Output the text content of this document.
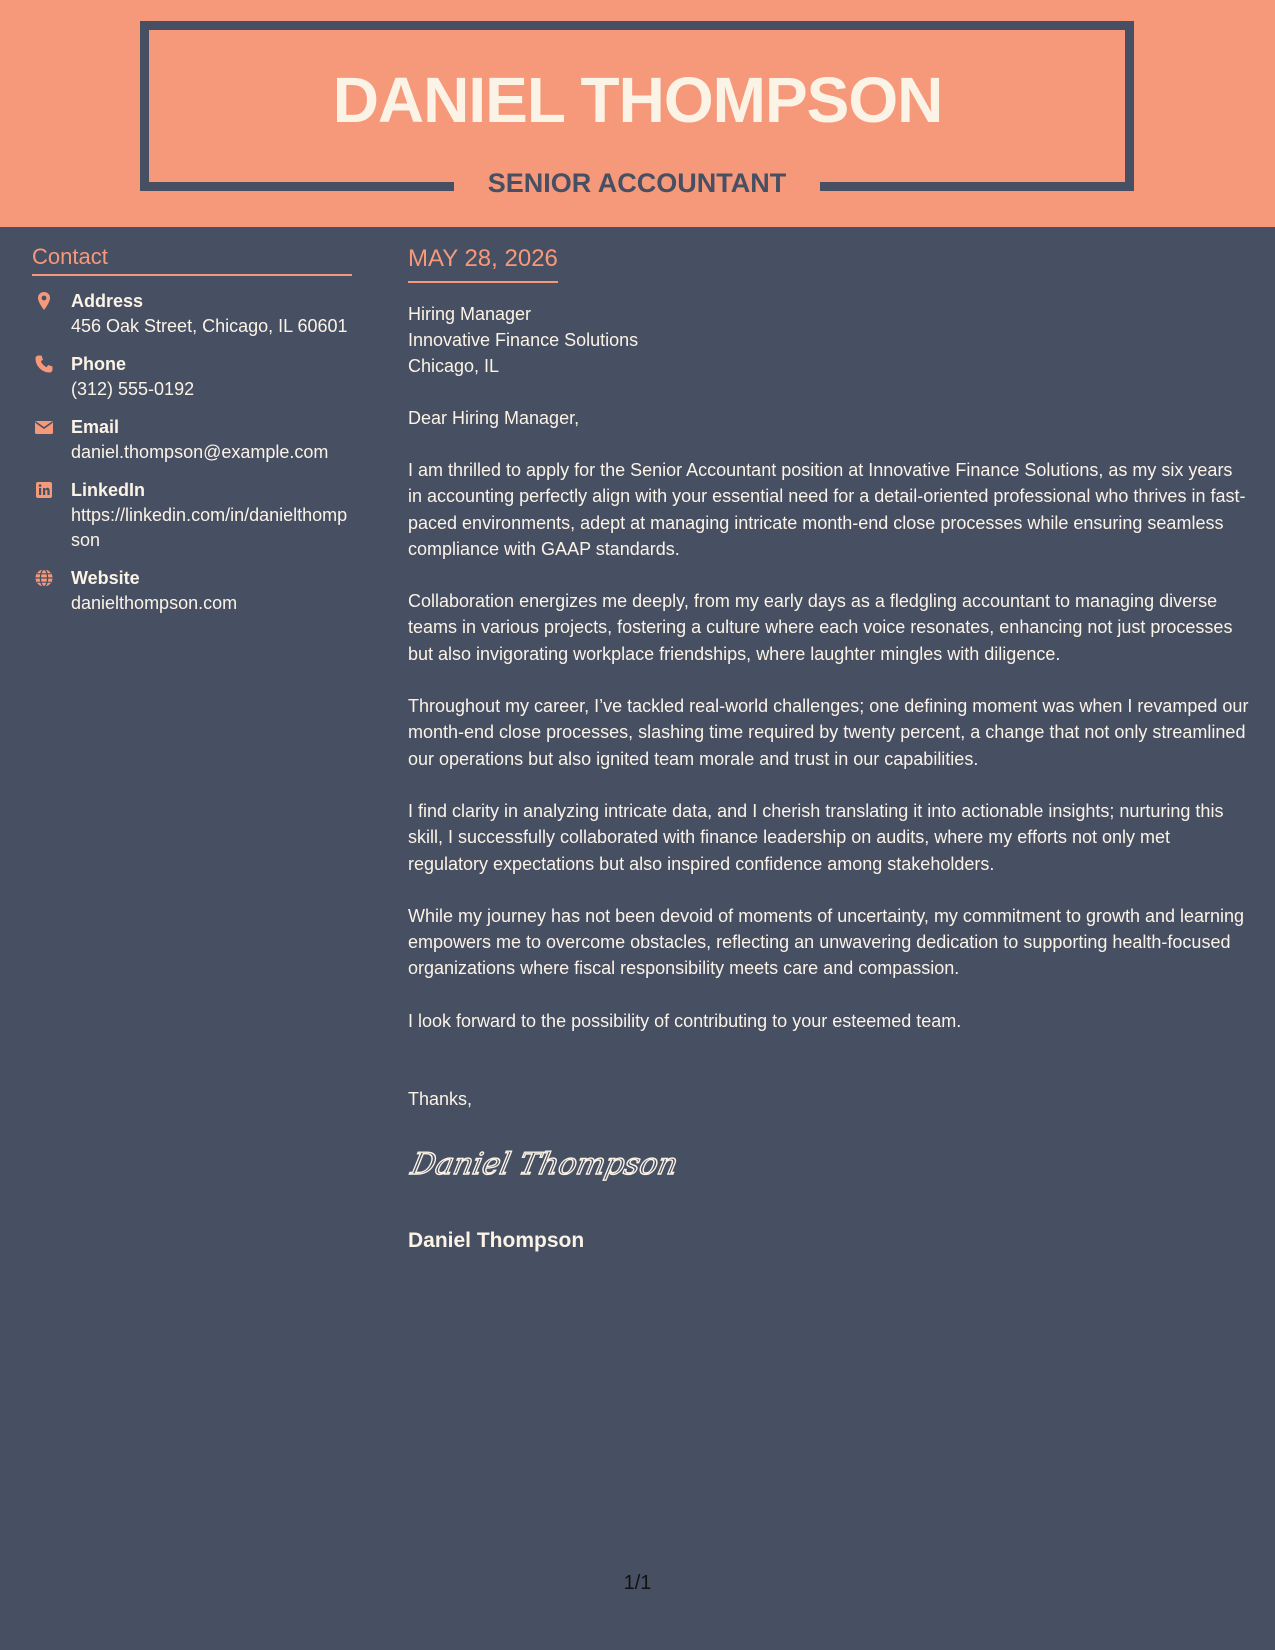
DANIEL THOMPSON
SENIOR ACCOUNTANT
Contact
Address
456 Oak Street, Chicago, IL 60601
Phone
(312) 555-0192
Email
daniel.thompson@example.com
LinkedIn
https://linkedin.com/in/danielthompson
Website
danielthompson.com
MAY 28, 2026
Hiring Manager
Innovative Finance Solutions
Chicago, IL
Dear Hiring Manager,
I am thrilled to apply for the Senior Accountant position at Innovative Finance Solutions, as my six years in accounting perfectly align with your essential need for a detail-oriented professional who thrives in fast-paced environments, adept at managing intricate month-end close processes while ensuring seamless compliance with GAAP standards.
Collaboration energizes me deeply, from my early days as a fledgling accountant to managing diverse teams in various projects, fostering a culture where each voice resonates, enhancing not just processes but also invigorating workplace friendships, where laughter mingles with diligence.
Throughout my career, I’ve tackled real-world challenges; one defining moment was when I revamped our month-end close processes, slashing time required by twenty percent, a change that not only streamlined our operations but also ignited team morale and trust in our capabilities.
I find clarity in analyzing intricate data, and I cherish translating it into actionable insights; nurturing this skill, I successfully collaborated with finance leadership on audits, where my efforts not only met regulatory expectations but also inspired confidence among stakeholders.
While my journey has not been devoid of moments of uncertainty, my commitment to growth and learning empowers me to overcome obstacles, reflecting an unwavering dedication to supporting health-focused organizations where fiscal responsibility meets care and compassion.
I look forward to the possibility of contributing to your esteemed team.
Thanks,
Daniel Thompson
Daniel Thompson
1/1
